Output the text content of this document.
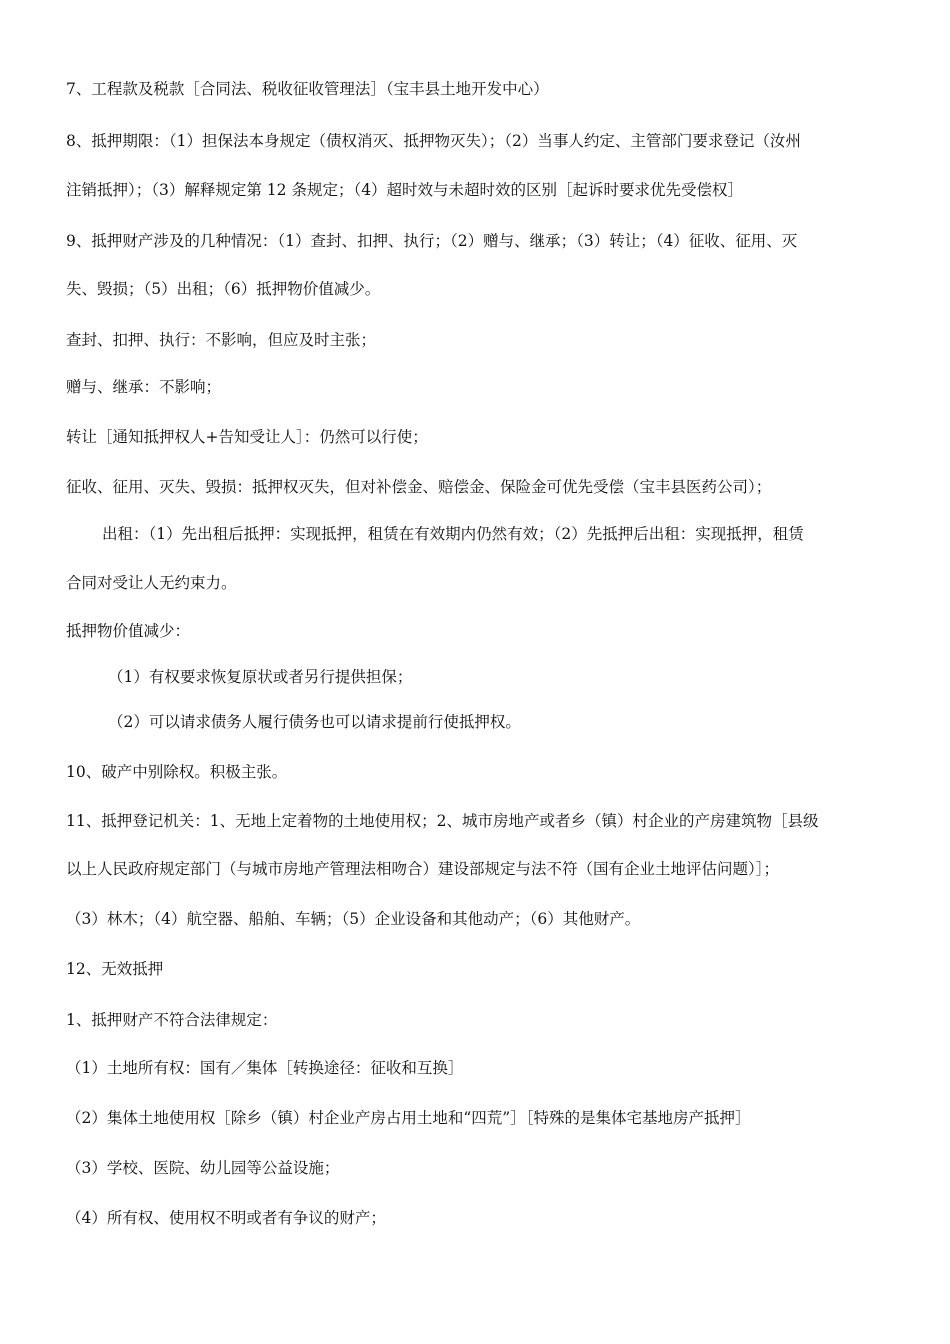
7、工程款及税款［合同法、税收征收管理法］（宝丰县土地开发中心）
8、抵押期限：（1）担保法本身规定（债权消灭、抵押物灭失）；（2）当事人约定、主管部门要求登记（汝州
注销抵押）；（3）解释规定第 12 条规定；（4）超时效与未超时效的区别［起诉时要求优先受偿权］
9、抵押财产涉及的几种情况：（1）查封、扣押、执行；（2）赠与、继承；（3）转让；（4）征收、征用、灭
失、毁损；（5）出租；（6）抵押物价值减少。
查封、扣押、执行：不影响，但应及时主张；
赠与、继承：不影响；
转让［通知抵押权人+告知受让人］：仍然可以行使；
征收、征用、灭失、毁损：抵押权灭失，但对补偿金、赔偿金、保险金可优先受偿（宝丰县医药公司）；
出租：（1）先出租后抵押：实现抵押，租赁在有效期内仍然有效；（2）先抵押后出租：实现抵押，租赁
合同对受让人无约束力。
抵押物价值减少：
（1）有权要求恢复原状或者另行提供担保；
（2）可以请求债务人履行债务也可以请求提前行使抵押权。
10、破产中别除权。积极主张。
11、抵押登记机关：1、无地上定着物的土地使用权；2、城市房地产或者乡（镇）村企业的产房建筑物［县级
以上人民政府规定部门（与城市房地产管理法相吻合）建设部规定与法不符（国有企业土地评估问题）］；
（3）林木；（4）航空器、船舶、车辆；（5）企业设备和其他动产；（6）其他财产。
12、无效抵押
1、抵押财产不符合法律规定：
（1）土地所有权：国有／集体［转换途径：征收和互换］
（2）集体土地使用权［除乡（镇）村企业产房占用土地和“四荒”］［特殊的是集体宅基地房产抵押］
（3）学校、医院、幼儿园等公益设施；
（4）所有权、使用权不明或者有争议的财产；
